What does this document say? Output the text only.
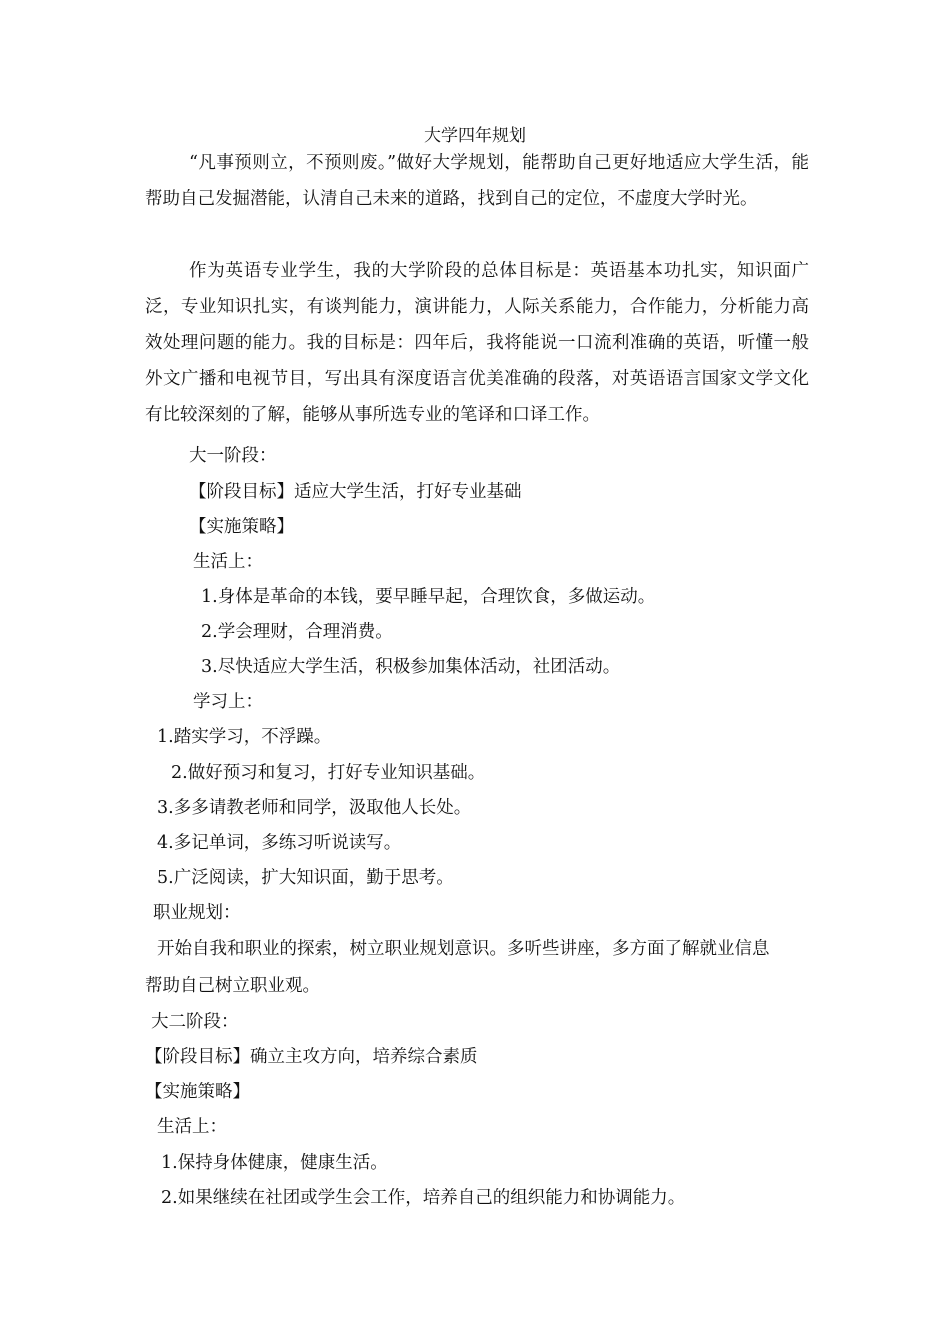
大学四年规划

“凡事预则立，不预则废。”做好大学规划，能帮助自己更好地适应大学生活，能帮助自己发掘潜能，认清自己未来的道路，找到自己的定位，不虚度大学时光。

作为英语专业学生，我的大学阶段的总体目标是：英语基本功扎实，知识面广泛，专业知识扎实，有谈判能力，演讲能力，人际关系能力，合作能力，分析能力高效处理问题的能力。我的目标是：四年后，我将能说一口流利准确的英语，听懂一般外文广播和电视节目，写出具有深度语言优美准确的段落，对英语语言国家文学文化有比较深刻的了解，能够从事所选专业的笔译和口译工作。

大一阶段：
【阶段目标】适应大学生活，打好专业基础
【实施策略】
生活上：
1.身体是革命的本钱，要早睡早起，合理饮食，多做运动。
2.学会理财，合理消费。
3.尽快适应大学生活，积极参加集体活动，社团活动。
学习上：
1.踏实学习，不浮躁。
2.做好预习和复习，打好专业知识基础。
3.多多请教老师和同学，汲取他人长处。
4.多记单词，多练习听说读写。
5.广泛阅读，扩大知识面，勤于思考。
职业规划：
开始自我和职业的探索，树立职业规划意识。多听些讲座，多方面了解就业信息
帮助自己树立职业观。
大二阶段：
【阶段目标】确立主攻方向，培养综合素质
【实施策略】
生活上：
1.保持身体健康，健康生活。
2.如果继续在社团或学生会工作，培养自己的组织能力和协调能力。
